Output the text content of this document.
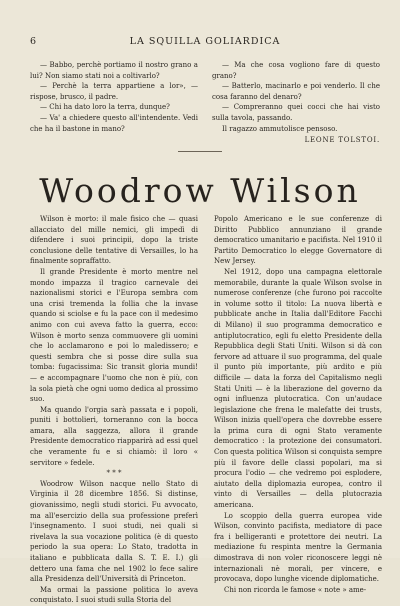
6	LA SQUILLA GOLIARDICA

— Babbo, perchè portiamo il nostro grano a lui? Non siamo stati noi a coltivarlo?

— Perchè la terra appartiene a lor», — rispose, brusco, il padre.

— Chi ha dato loro la terra, dunque?

— Va' a chiedere questo all'intendente. Vedi che ha il bastone in mano?

— Ma che cosa vogliono fare di questo grano?

— Batterlo, macinarlo e poi venderlo. Il che cosa faranno del denaro?

— Compreranno quei cocci che hai visto sulla tavola, passando.

Il ragazzo ammutolisce pensoso.

LEONE TOLSTOI.
Woodrow Wilson

Wilson è morto: il male fisico che — quasi allacciato del mille nemici, gli impedì di difendere i suoi principii, dopo la triste conclusione delle tentative di Versailles, lo ha finalmente sopraffatto.

Il grande Presidente è morto mentre nel mondo impazza il tragico carnevale dei nazionalismi storici e l'Europa sembra com una crisi tremenda la follia che la invase quando si sciolse e fu la pace con il medesimo animo con cui aveva fatto la guerra, ecco: Wilson è morto senza commuovere gli uomini che lo acclamarono e poi lo maledissero; e questi sembra che si posse dire sulla sua tomba: fugacissima: Sic transit gloria mundi! — e accompagnare l'uomo che non è più, con la sola pietà che ogni uomo dedica al prossimo suo.

Ma quando l'orgia sarà passata e i popoli, puniti i bottolieri, torneranno con la bocca amara, alla saggezza, allora il grande Presidente democratico riapparirà ad essi quel che veramente fu e si chiamò: il loro « servitore » fedele.

* * *

Woodrow Wilson nacque nello Stato di Virginia il 28 dicembre 1856. Si distinse, giovanissimo, negli studi storici. Fu avvocato, ma all'esercizio della sua professione preferì l'insegnamento. I suoi studi, nei quali si rivelava la sua vocazione politica (è di questo periodo la sua opera: Lo Stato, tradotta in italiano e pubblicata dalla S. T. E. I.) gli dettero una fama che nel 1902 lo fece salire alla Presidenza dell'Università di Princeton.

Ma ormai la passione politica lo aveva conquistato. I suoi studi sulla Storia del

Popolo Americano e le sue conferenze di Diritto Pubblico annunziano il grande democratico umanitario e pacifista. Nel 1910 il Partito Democratico lo elegge Governatore di New Jersey.

Nel 1912, dopo una campagna elettorale memorabile, durante la quale Wilson svolse in numerose conferenze (che furono poi raccolte in volume sotto il titolo: La nuova libertà e pubblicate anche in Italia dall'Editore Facchi di Milano) il suo programma democratico e antiplutocratico, egli fu eletto Presidente della Repubblica degli Stati Uniti. Wilson si dà con fervore ad attuare il suo programma, del quale il punto più importante, più ardito e più difficile — data la forza del Capitalismo negli Stati Uniti — è la liberazione del governo da ogni influenza plutocratica. Con un'audace legislazione che frena le malefatte dei trusts, Wilson inizia quell'opera che dovrebbe essere la prima cura di ogni Stato veramente democratico : la protezione dei consumatori. Con questa politica Wilson si conquista sempre più il favore delle classi popolari, ma si procura l'odio — che vedremo poi esplodere, aiutato della diplomazia europea, contro il vinto di Versailles — della plutocrazia americana.

Lo scoppio della guerra europea vide Wilson, convinto pacifista, mediatore di pace fra i belligeranti e protettore dei neutri. La mediazione fu respinta mentre la Germania dimostrava di non voler riconoscere leggi nè internazionali nè morali, per vincere, e provocava, dopo lunghe vicende diplomatiche.

Chi non ricorda le famose « note » ame-
